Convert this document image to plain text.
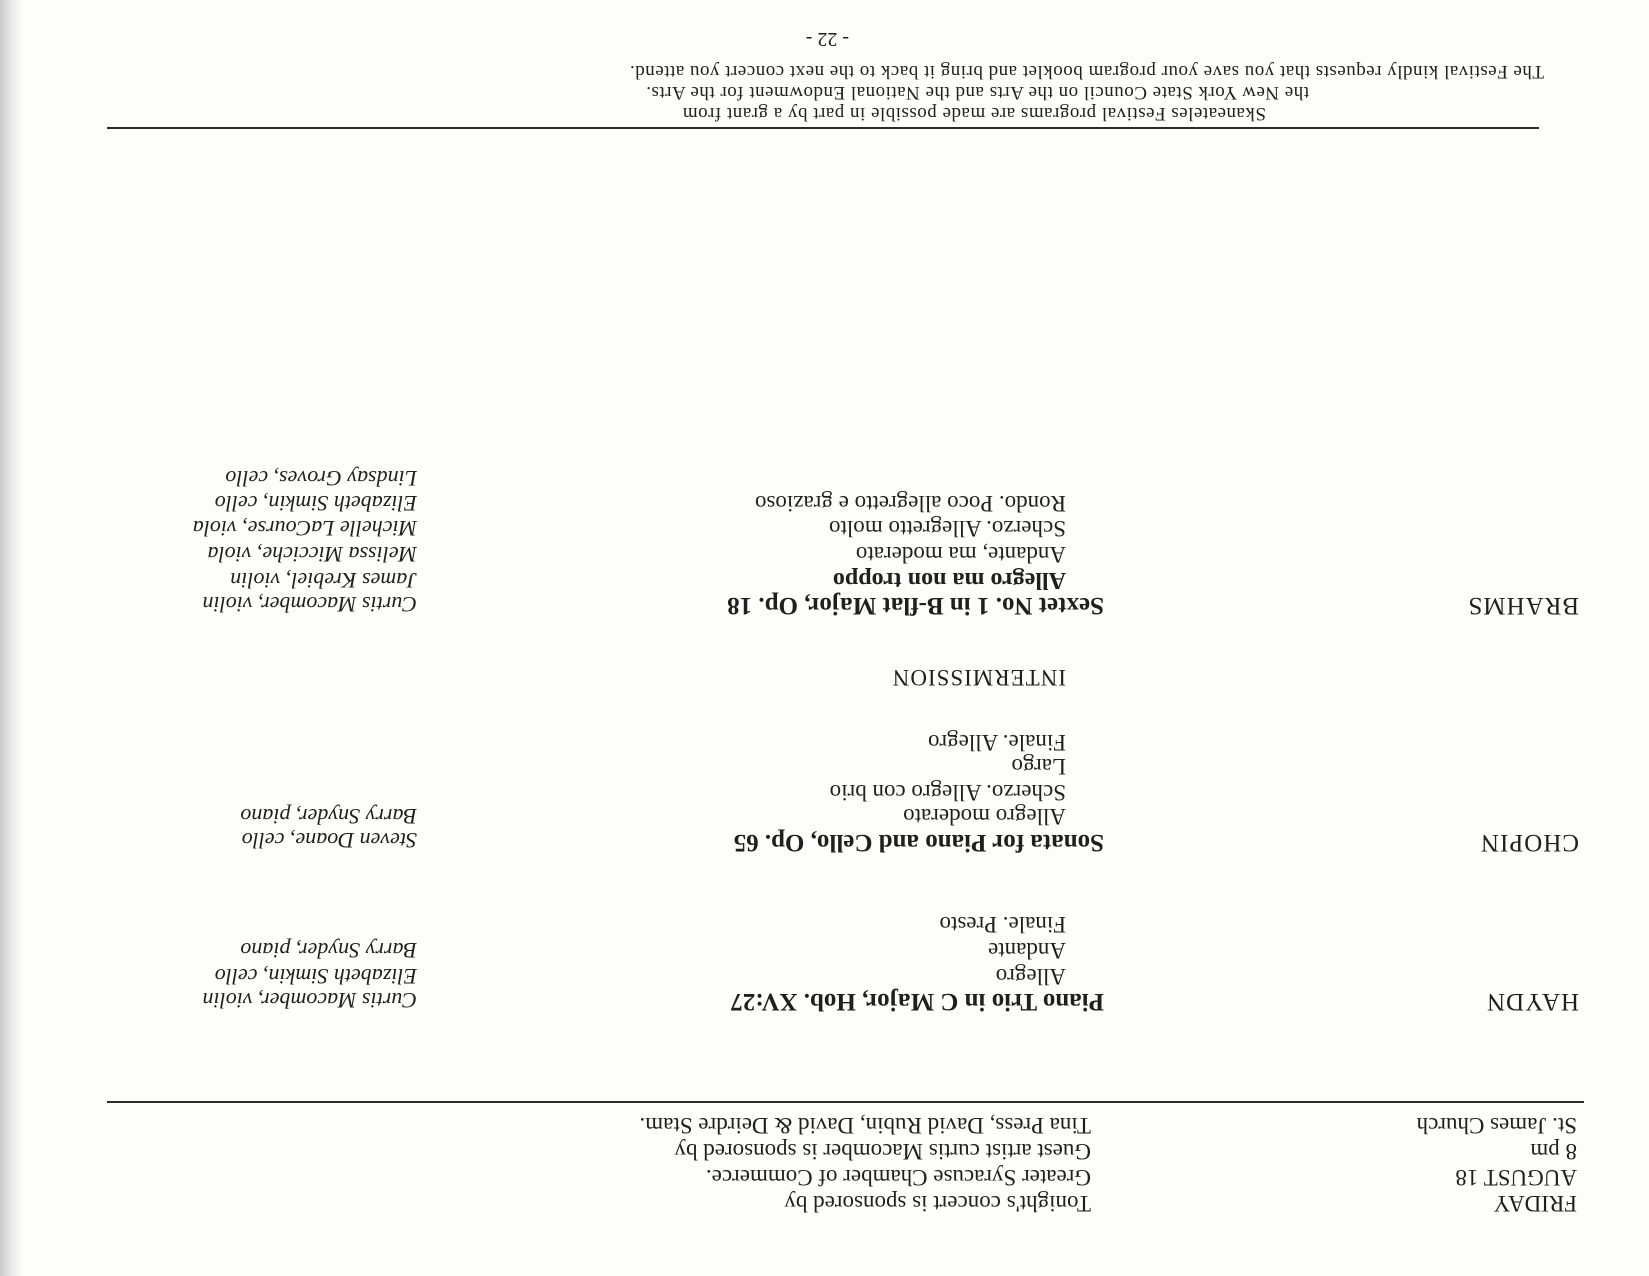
FRIDAY
AUGUST 18
8 pm
St. James Church
Tonight's concert is sponsored by
Greater Syracuse Chamber of Commerce.
Guest artist curtis Macomber is sponsored by
Tina Press, David Rubin, David & Deirdre Stam.
HAYDN
Piano Trio in C Major, Hob. XV:27
Curtis Macomber, violin
Allegro
Elizabeth Simkin, cello
Andante
Barry Snyder, piano
Finale. Presto
CHOPIN
Sonata for Piano and Cello, Op. 65
Steven Doane, cello
Allegro moderato
Barry Snyder, piano
Scherzo. Allegro con brio
Largo
Finale. Allegro
INTERMISSION
BRAHMS
Sextet No. 1 in B-flat Major, Op. 18
Curtis Macomber, violin
Allegro ma non troppo
James Krebiel, violin
Andante, ma moderato
Melissa Micciche, viola
Scherzo. Allegretto molto
Michelle LaCourse, viola
Rondo. Poco allegretto e grazioso
Elizabeth Simkin, cello
Lindsay Groves, cello
Skaneateles Festival programs are made possible in part by a grant from
the New York State Council on the Arts and the National Endowment for the Arts.
The Festival kindly requests that you save your program booklet and bring it back to the next concert you attend.
- 22 -
